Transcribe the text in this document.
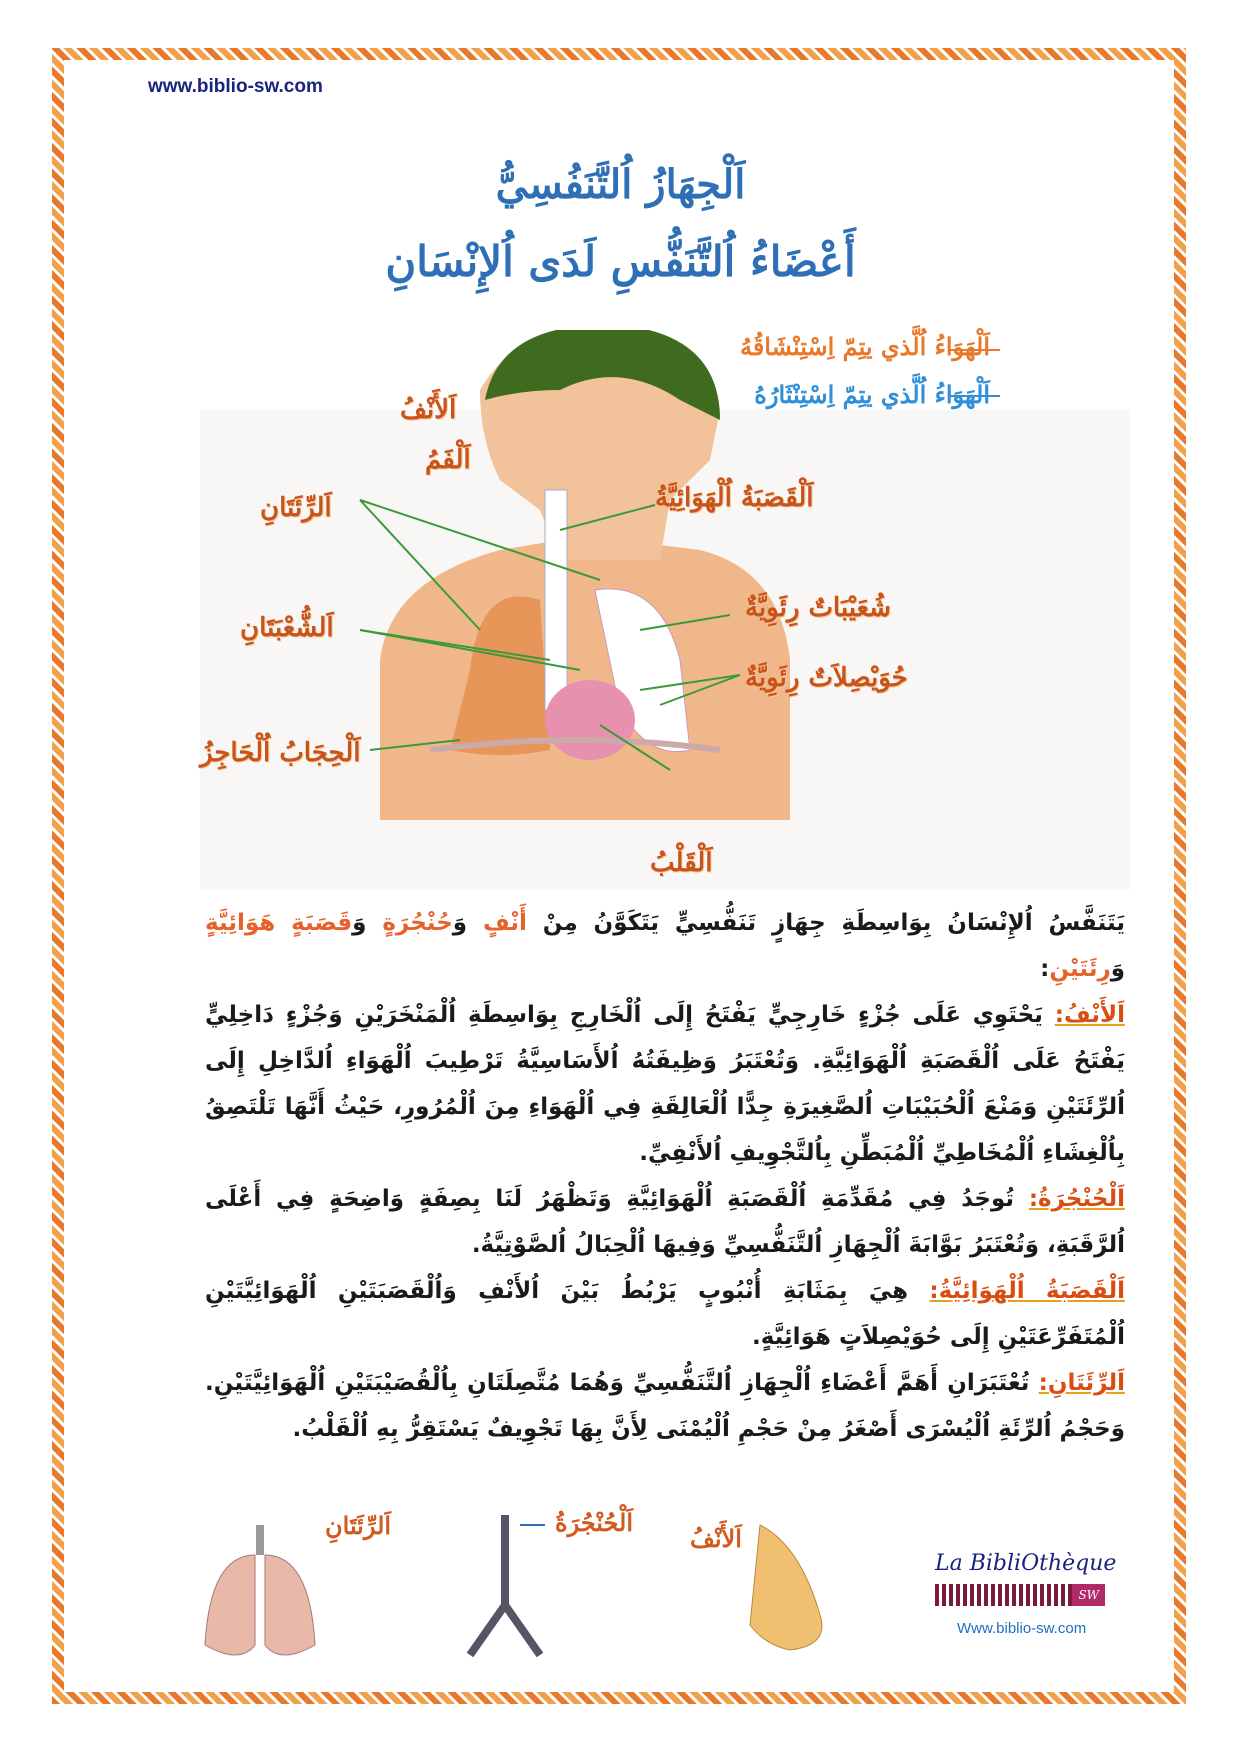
www.biblio-sw.com
اَلْجِهَازُ اُلتَّنَفُسِيُّ
أَعْضَاءُ اُلتَّنَفُّسِ لَدَى اُلإِنْسَانِ
اَلْهَوَاءُ اُلَّذي يتِمّ اِسْتِنْشَاقُهُ
اَلْهَوَاءُ اُلَّذي يتِمّ اِسْتِنْثَارُهُ
اَلأَنْفُ
اَلْفَمُ
اَلرِّئَتَانِ	اَلْقَصَبَةُ اُلْهَوَائِيَّةُ
شُعَيْبَاتٌ رِئَوِيَّةٌ
اَلشُّعْبَتَانِ
حُوَيْصِلاَتٌ رِئَوِيَّةٌ
اَلْحِجَابُ اُلْحَاجِزُ
اَلْقَلْبُ

يَتَنَفَّسُ اُلإِنْسَانُ بِوَاسِطَةِ جِهَازٍ تَنَفُّسِيٍّ يَتَكَوَّنُ مِنْ أَنْفٍ وَحُنْجُرَةٍ وَقَصَبَةٍ هَوَائِيَّةٍ وَرِئَتَيْنِ:

اَلأَنْفُ: يَحْتَوِي عَلَى جُزْءٍ خَارِجِيٍّ يَفْتَحُ إِلَى اُلْخَارِجِ بِوَاسِطَةِ اُلْمَنْخَرَيْنِ وَجُزْءٍ دَاخِلِيٍّ يَفْتَحُ عَلَى اُلْقَصَبَةِ اُلْهَوَائِيَّةِ. وَتُعْتَبَرُ وَظِيفَتُهُ اُلأَسَاسِيَّةُ تَرْطِيبَ اُلْهَوَاءِ اُلدَّاخِلِ إِلَى اُلرِّئَتَيْنِ وَمَنْعَ اُلْحُبَيْبَاتِ اُلصَّغِيرَةِ جِدًّا اُلْعَالِقَةِ فِي اُلْهَوَاءِ مِنَ اُلْمُرُورِ، حَيْثُ أَنَّهَا تَلْتَصِقُ بِاُلْغِشَاءِ اُلْمُخَاطِيِّ اُلْمُبَطِّنِ بِاُلتَّجْوِيفِ اُلأَنْفِيِّ.

اَلْحُنْجُرَةُ: تُوجَدُ فِي مُقَدِّمَةِ اُلْقَصَبَةِ اُلْهَوَائِيَّةِ وَتَظْهَرُ لَنَا بِصِفَةٍ وَاضِحَةٍ فِي أَعْلَى اُلرَّقَبَةِ، وَتُعْتَبَرُ بَوَّابَةَ اُلْجِهَازِ اُلتَّنَفُّسِيِّ وَفِيهَا اُلْحِبَالُ اُلصَّوْتِيَّةُ.

اَلْقَصَبَةُ اُلْهَوَائِيَّةُ: هِيَ بِمَثَابَةِ أُنْبُوبٍ يَرْبُطُ بَيْنَ اُلأَنْفِ وَاُلْقَصَبَتَيْنِ اُلْهَوَائِيَّتَيْنِ اُلْمُتَفَرِّعَتَيْنِ إِلَى حُوَيْصِلاَتٍ هَوَائِيَّةٍ.

اَلرِّئَتَانِ: تُعْتَبَرَانِ أَهَمَّ أَعْضَاءِ اُلْجِهَازِ اُلتَّنَفُّسِيِّ وَهُمَا مُتَّصِلَتَانِ بِاُلْقُصَيْبَتَيْنِ اُلْهَوَائِيَّتَيْنِ. وَحَجْمُ اُلرِّئَةِ اُلْيُسْرَى أَصْغَرُ مِنْ حَجْمِ اُلْيُمْنَى لِأَنَّ بِهَا تَجْوِيفٌ يَسْتَقِرُّ بِهِ اُلْقَلْبُ.

اَلرِّئَتَانِ	اَلْحُنْجُرَةُ
اَلأَنْفُ
La BibliOthèque
SW
Www.biblio-sw.com
